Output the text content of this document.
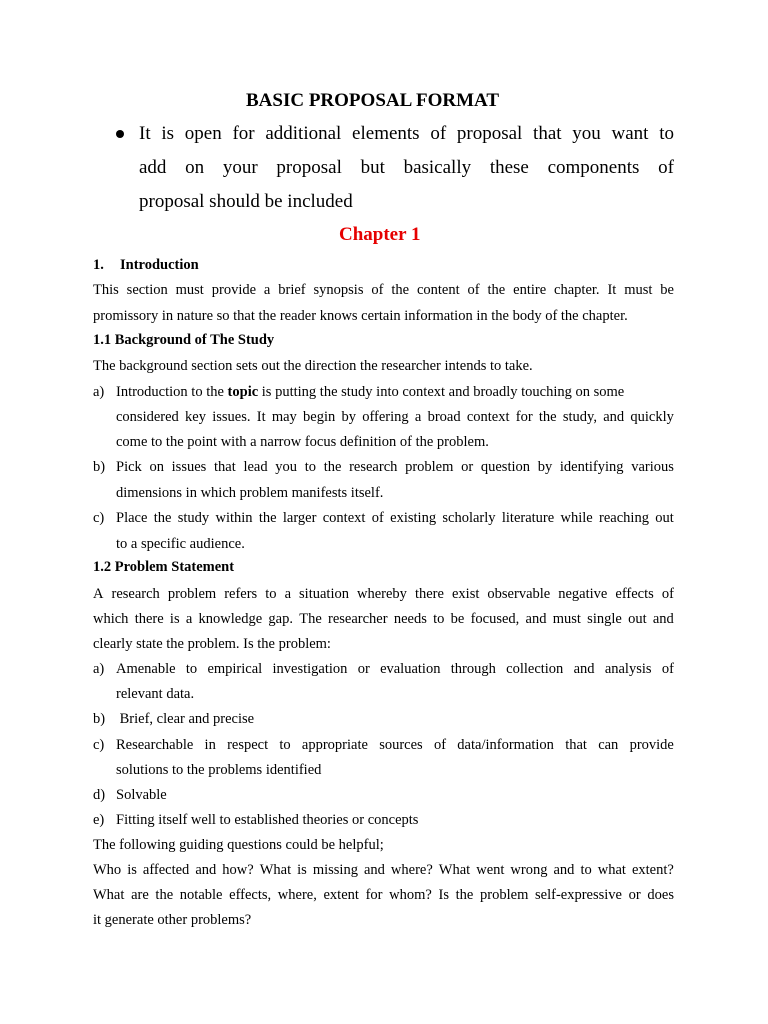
BASIC PROPOSAL FORMAT
It is open for additional elements of proposal that you want to
add on your proposal but basically these components of
proposal should be included
Chapter 1
1. Introduction
This section must provide a brief synopsis of the content of the entire chapter. It must be
promissory in nature so that the reader knows certain information in the body of the chapter.
1.1 Background of The Study
The background section sets out the direction the researcher intends to take.
a) Introduction to the topic is putting the study into context and broadly touching on some
considered key issues. It may begin by offering a broad context for the study, and quickly
come to the point with a narrow focus definition of the problem.
b) Pick on issues that lead you to the research problem or question by identifying various
dimensions in which problem manifests itself.
c) Place the study within the larger context of existing scholarly literature while reaching out
to a specific audience.
1.2 Problem Statement
A research problem refers to a situation whereby there exist observable negative effects of
which there is a knowledge gap. The researcher needs to be focused, and must single out and
clearly state the problem. Is the problem:
a) Amenable to empirical investigation or evaluation through collection and analysis of
relevant data.
b) Brief, clear and precise
c) Researchable in respect to appropriate sources of data/information that can provide
solutions to the problems identified
d) Solvable
e) Fitting itself well to established theories or concepts
The following guiding questions could be helpful;
Who is affected and how? What is missing and where? What went wrong and to what extent?
What are the notable effects, where, extent for whom? Is the problem self-expressive or does
it generate other problems?
